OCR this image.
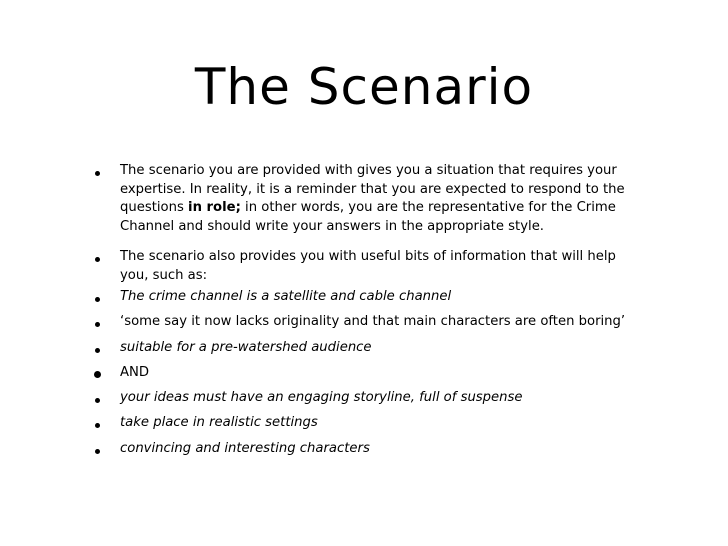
The Scenario
The scenario you are provided with gives you a situation that requires your
expertise. In reality, it is a reminder that you are expected to respond to the
questions in role; in other words, you are the representative for the Crime
Channel and should write your answers in the appropriate style.
The scenario also provides you with useful bits of information that will help
you, such as:
The crime channel is a satellite and cable channel
‘some say it now lacks originality and that main characters are often boring’
suitable for a pre-watershed audience
AND
your ideas must have an engaging storyline, full of suspense
take place in realistic settings
convincing and interesting characters
